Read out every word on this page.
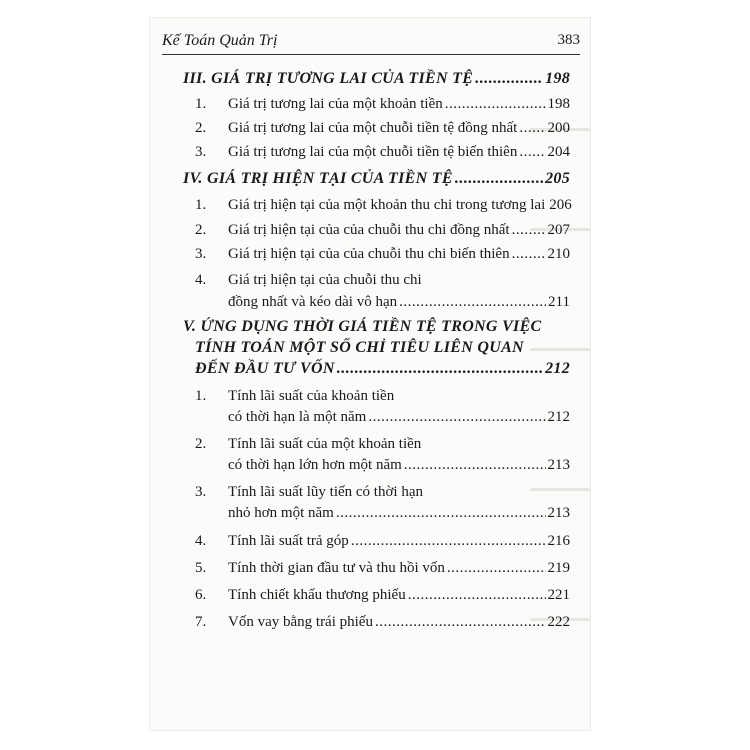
Kế Toán Quản Trị	383
III. GIÁ TRỊ TƯƠNG LAI CỦA TIỀN TỆ .....	198
1.	Giá trị tương lai của một khoản tiền .....	198
2.	Giá trị tương lai của một chuỗi tiền tệ đồng nhất ..... 200
3.	Giá trị tương lai của một chuỗi tiền tệ biến thiên ..... 204
IV. GIÁ TRỊ HIỆN TẠI CỦA TIỀN TỆ .....	205
1.	Giá trị hiện tại của một khoản thu chi trong tương lai 206
2.	Giá trị hiện tại của của chuỗi thu chi đồng nhất .....	207
3.	Giá trị hiện tại của của chuỗi thu chi biến thiên .....	210
4.	Giá trị hiện tại của chuỗi thu chi
đồng nhất và kéo dài vô hạn .....	211
V. ỨNG DỤNG THỜI GIÁ TIỀN TỆ TRONG VIỆC
TÍNH TOÁN MỘT SỐ CHỈ TIÊU LIÊN QUAN
ĐẾN ĐẦU TƯ VỐN .....	212
1.	Tính lãi suất của khoản tiền
có thời hạn là một năm .....	212
2.	Tính lãi suất của một khoản tiền
có thời hạn lớn hơn một năm .....	213
3.	Tính lãi suất lũy tiến có thời hạn
nhỏ hơn một năm .....	213
4.	Tính lãi suất trả góp .....	216
5.	Tính thời gian đầu tư và thu hồi vốn .....	219
6.	Tính chiết khấu thương phiếu .....	221
7.	Vốn vay bằng trái phiếu .....	222
